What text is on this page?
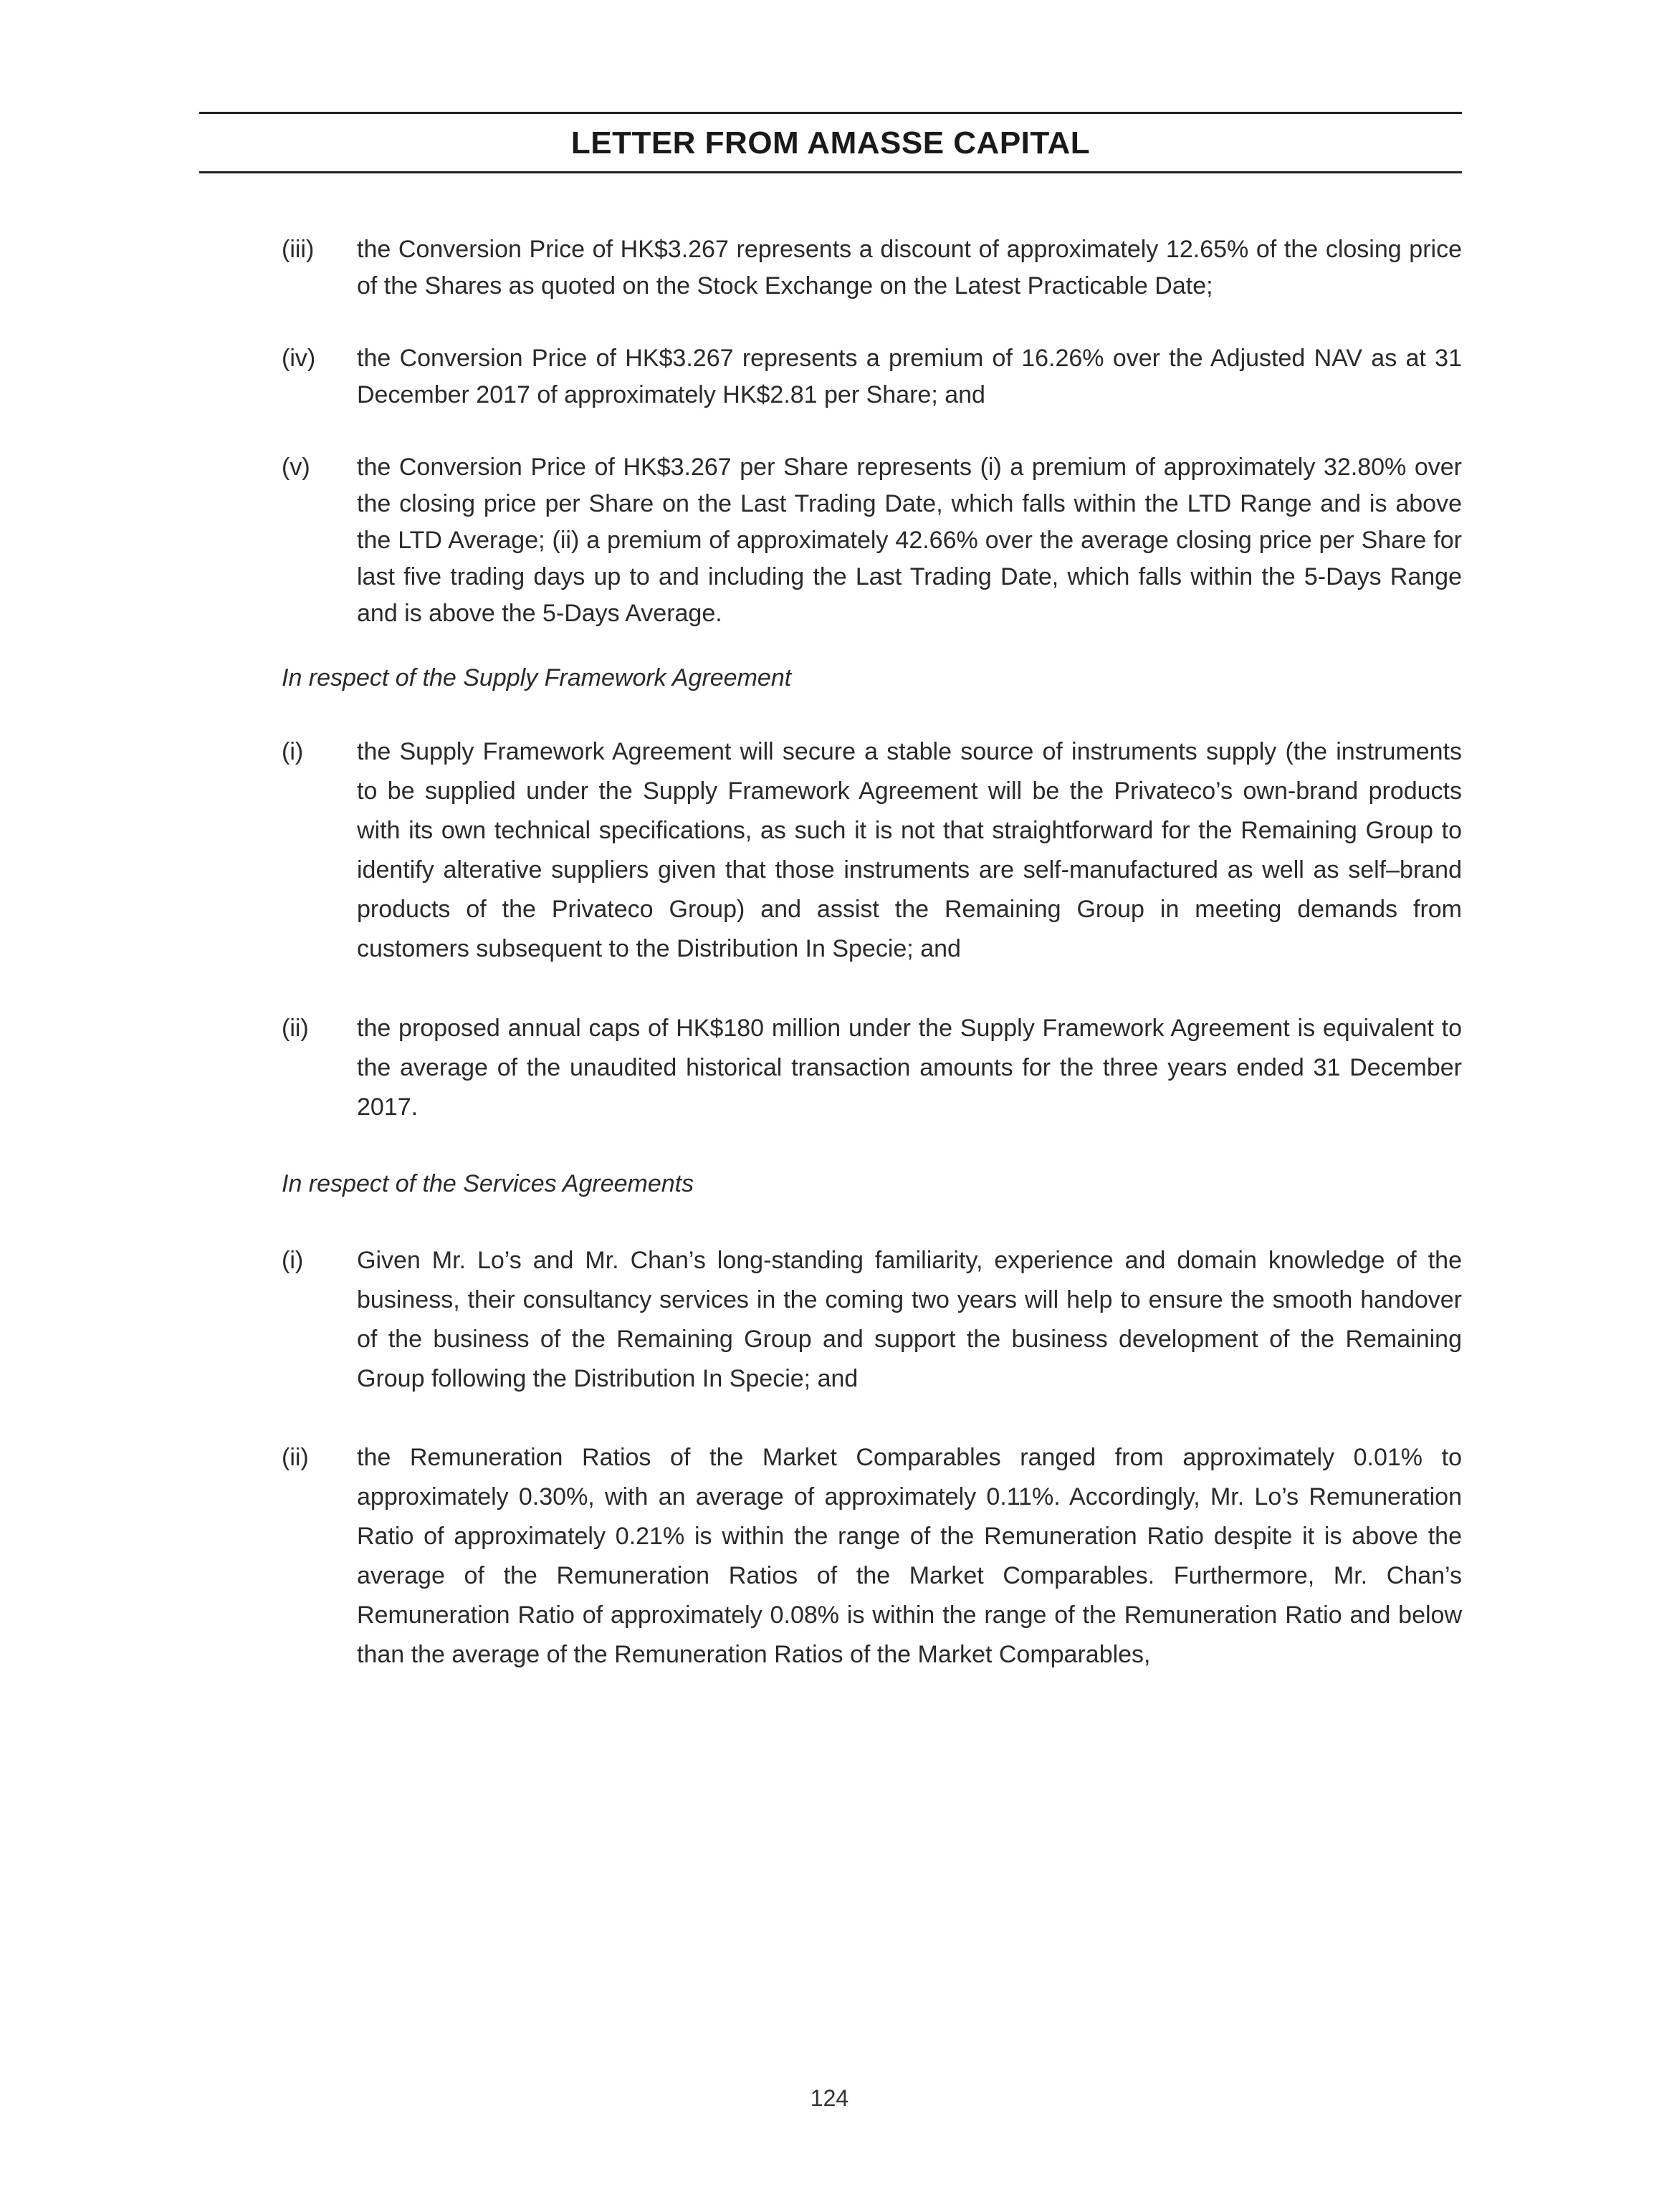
LETTER FROM AMASSE CAPITAL
(iii)	the Conversion Price of HK$3.267 represents a discount of approximately 12.65% of the closing price of the Shares as quoted on the Stock Exchange on the Latest Practicable Date;
(iv)	the Conversion Price of HK$3.267 represents a premium of 16.26% over the Adjusted NAV as at 31 December 2017 of approximately HK$2.81 per Share; and
(v)	the Conversion Price of HK$3.267 per Share represents (i) a premium of approximately 32.80% over the closing price per Share on the Last Trading Date, which falls within the LTD Range and is above the LTD Average; (ii) a premium of approximately 42.66% over the average closing price per Share for last five trading days up to and including the Last Trading Date, which falls within the 5-Days Range and is above the 5-Days Average.
In respect of the Supply Framework Agreement
(i)	the Supply Framework Agreement will secure a stable source of instruments supply (the instruments to be supplied under the Supply Framework Agreement will be the Privateco’s own-brand products with its own technical specifications, as such it is not that straightforward for the Remaining Group to identify alterative suppliers given that those instruments are self-manufactured as well as self–brand products of the Privateco Group) and assist the Remaining Group in meeting demands from customers subsequent to the Distribution In Specie; and
(ii)	the proposed annual caps of HK$180 million under the Supply Framework Agreement is equivalent to the average of the unaudited historical transaction amounts for the three years ended 31 December 2017.
In respect of the Services Agreements
(i)	Given Mr. Lo’s and Mr. Chan’s long-standing familiarity, experience and domain knowledge of the business, their consultancy services in the coming two years will help to ensure the smooth handover of the business of the Remaining Group and support the business development of the Remaining Group following the Distribution In Specie; and
(ii)	the Remuneration Ratios of the Market Comparables ranged from approximately 0.01% to approximately 0.30%, with an average of approximately 0.11%. Accordingly, Mr. Lo’s Remuneration Ratio of approximately 0.21% is within the range of the Remuneration Ratio despite it is above the average of the Remuneration Ratios of the Market Comparables. Furthermore, Mr. Chan’s Remuneration Ratio of approximately 0.08% is within the range of the Remuneration Ratio and below than the average of the Remuneration Ratios of the Market Comparables,
124
